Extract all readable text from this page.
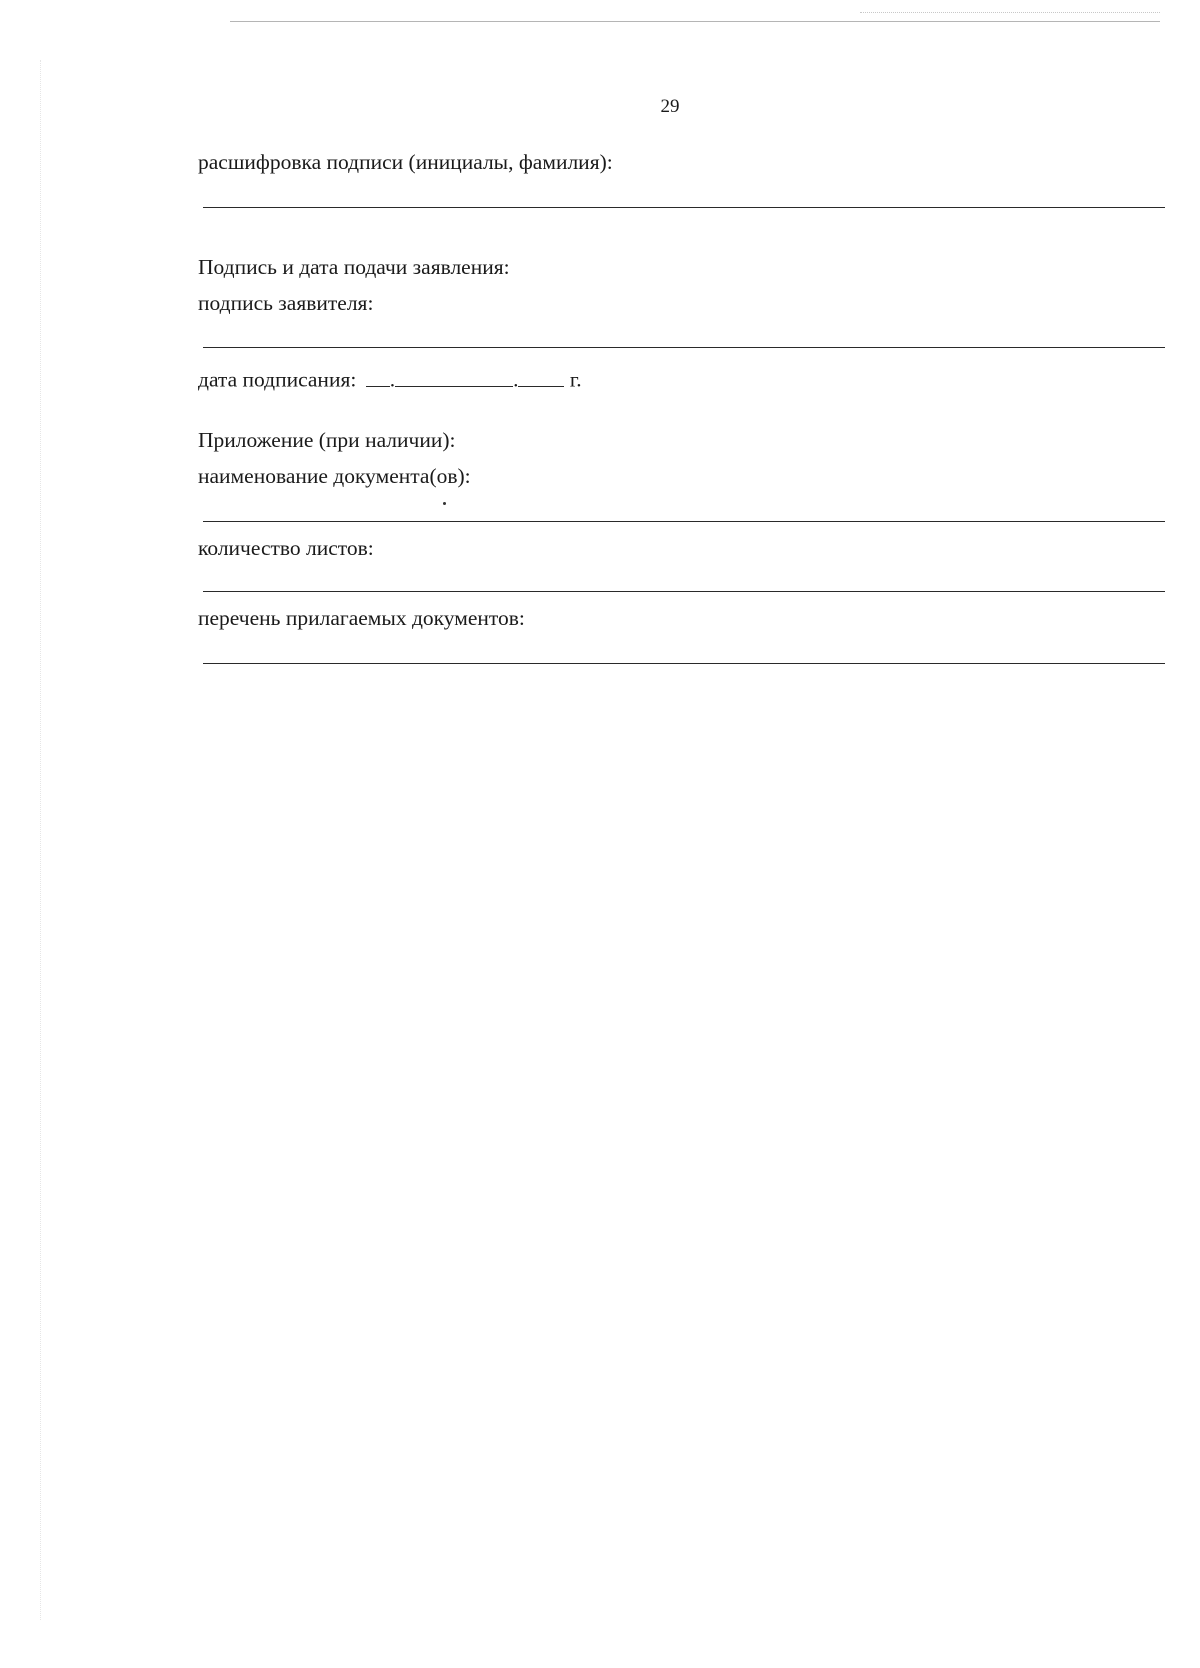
29
расшифровка подписи (инициалы, фамилия):
Подпись и дата подачи заявления:
подпись заявителя:
дата подписания: .	. г.
Приложение (при наличии):
наименование документа(ов):
количество листов:
перечень прилагаемых документов:
